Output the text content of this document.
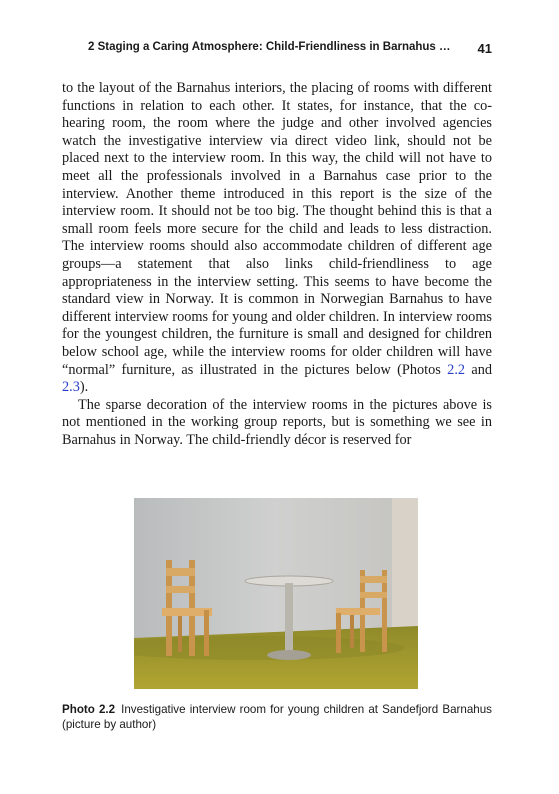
2 Staging a Caring Atmosphere: Child-Friendliness in Barnahus … 41

to the layout of the Barnahus interiors, the placing of rooms with different functions in relation to each other. It states, for instance, that the co-hearing room, the room where the judge and other involved agencies watch the investigative interview via direct video link, should not be placed next to the interview room. In this way, the child will not have to meet all the professionals involved in a Barnahus case prior to the interview. Another theme introduced in this report is the size of the interview room. It should not be too big. The thought behind this is that a small room feels more secure for the child and leads to less distraction. The interview rooms should also accommodate children of different age groups—a statement that also links child-friendliness to age appropriateness in the interview setting. This seems to have become the standard view in Norway. It is common in Norwegian Barnahus to have different interview rooms for young and older children. In interview rooms for the youngest children, the furniture is small and designed for children below school age, while the interview rooms for older children will have “normal” furniture, as illustrated in the pictures below (Photos 2.2 and 2.3).

The sparse decoration of the interview rooms in the pictures above is not mentioned in the working group reports, but is something we see in Barnahus in Norway. The child-friendly décor is reserved for

Photo 2.2 Investigative interview room for young children at Sandefjord Barnahus (picture by author)
